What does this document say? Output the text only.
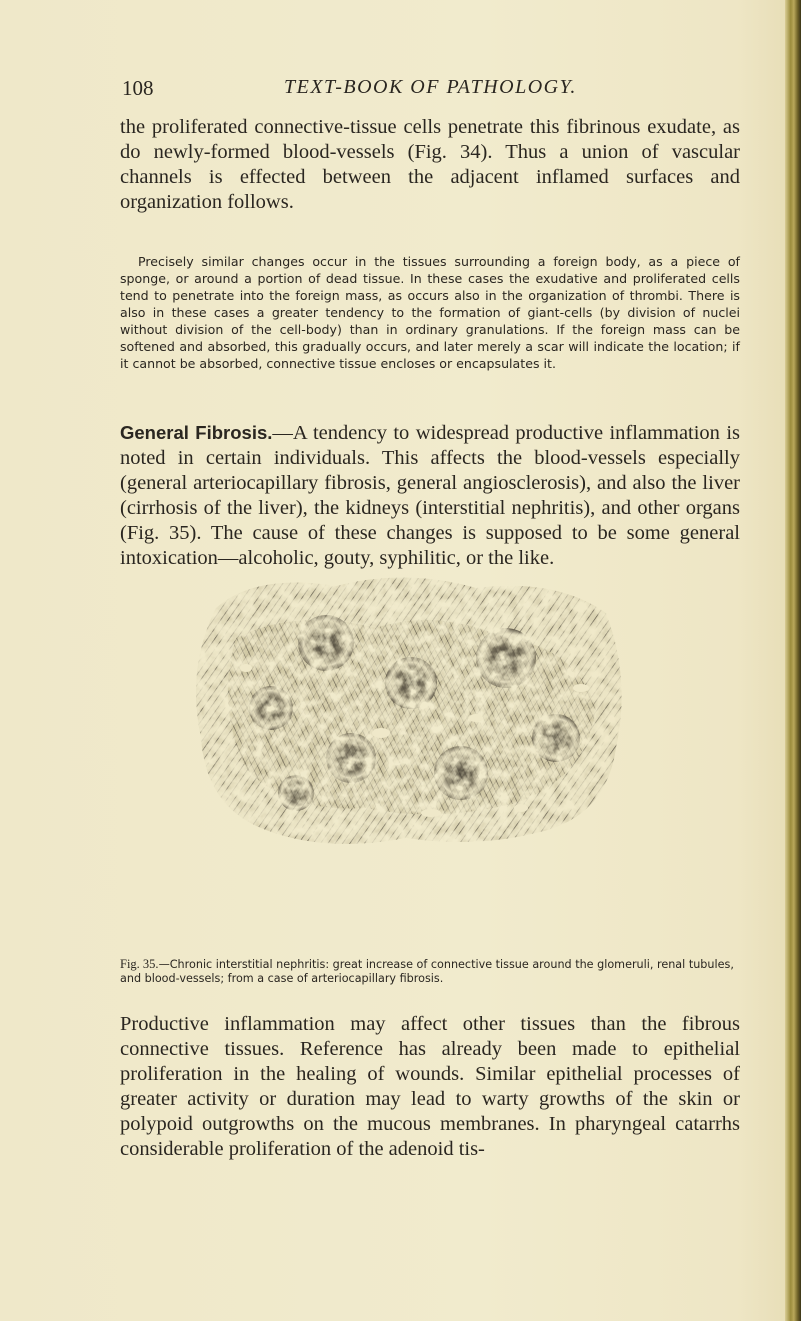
108	TEXT-BOOK OF PATHOLOGY.

the proliferated connective-tissue cells penetrate this fibrinous exudate, as do newly-formed blood-vessels (Fig. 34). Thus a union of vascular channels is effected between the adjacent inflamed surfaces and organization follows.

Precisely similar changes occur in the tissues surrounding a foreign body, as a piece of sponge, or around a portion of dead tissue. In these cases the exudative and proliferated cells tend to penetrate into the foreign mass, as occurs also in the organization of thrombi. There is also in these cases a greater tendency to the formation of giant-cells (by division of nuclei without division of the cell-body) than in ordinary granulations. If the foreign mass can be softened and absorbed, this gradually occurs, and later merely a scar will indicate the location; if it cannot be absorbed, connective tissue encloses or encapsulates it.

General Fibrosis.—A tendency to widespread productive inflammation is noted in certain individuals. This affects the blood-vessels especially (general arteriocapillary fibrosis, general angiosclerosis), and also the liver (cirrhosis of the liver), the kidneys (interstitial nephritis), and other organs (Fig. 35). The cause of these changes is supposed to be some general intoxication—alcoholic, gouty, syphilitic, or the like.

Fig. 35.—Chronic interstitial nephritis: great increase of connective tissue around the glomeruli, renal tubules, and blood-vessels; from a case of arteriocapillary fibrosis.

Productive inflammation may affect other tissues than the fibrous connective tissues. Reference has already been made to epithelial proliferation in the healing of wounds. Similar epithelial processes of greater activity or duration may lead to warty growths of the skin or polypoid outgrowths on the mucous membranes. In pharyngeal catarrhs considerable proliferation of the adenoid tis-
